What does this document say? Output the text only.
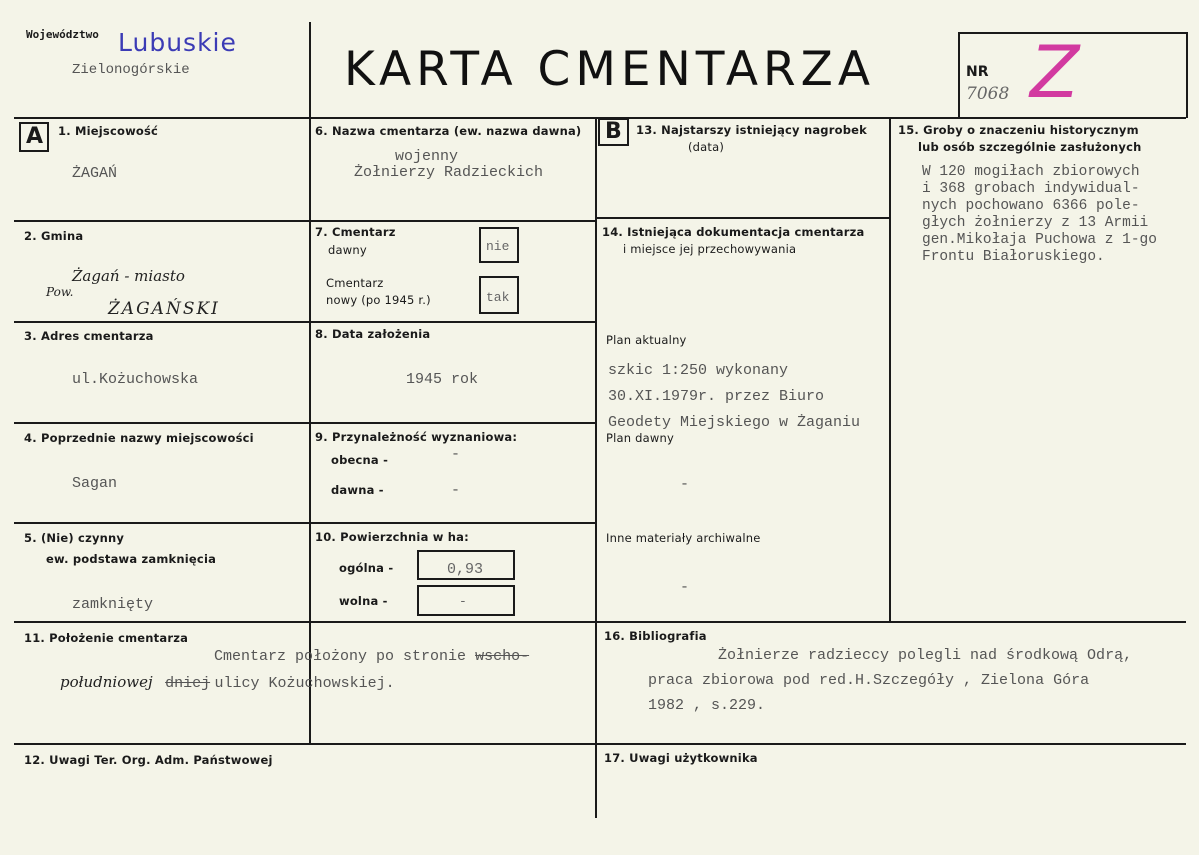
Województwo Lubuskie
Zielonogórskie	KARTA CMENTARZA	NR
7068 Z
A 1. Miejscowość
ŻAGAŃ
2. Gmina
Żagań - miasto
Pow.
ŻAGAŃSKI
3. Adres cmentarza
ul.Kożuchowska
4. Poprzednie nazwy miejscowości
Sagan
5. (Nie) czynny
ew. podstawa zamknięcia
zamknięty
6. Nazwa cmentarza (ew. nazwa dawna)
wojenny
Żołnierzy Radzieckich
7. Cmentarz
dawny	nie
Cmentarz
nowy (po 1945 r.)	tak
8. Data założenia
1945 rok
9. Przynależność wyznaniowa:
obecna -	-
dawna -	-
10. Powierzchnia w ha:
ogólna -	0,93
wolna -	-
11. Położenie cmentarza
Cmentarz położony po stronie wscho-
południowej dniej ulicy Kożuchowskiej.
12. Uwagi Ter. Org. Adm. Państwowej
B 13. Najstarszy istniejący nagrobek
(data)
14. Istniejąca dokumentacja cmentarza
i miejsce jej przechowywania
Plan aktualny
szkic 1:250 wykonany
30.XI.1979r. przez Biuro
Geodety Miejskiego w Żaganiu
Plan dawny
-
Inne materiały archiwalne
-
15. Groby o znaczeniu historycznym
lub osób szczególnie zasłużonych
W 120 mogiłach zbiorowych
i 368 grobach indywidual-
nych pochowano 6366 pole-
głych żołnierzy z 13 Armii
gen.Mikołaja Puchowa z 1-go
Frontu Białoruskiego.
16. Bibliografia
Żołnierze radzieccy polegli nad środkową Odrą,
praca zbiorowa pod red.H.Szczegóły , Zielona Góra
1982 , s.229.
17. Uwagi użytkownika
